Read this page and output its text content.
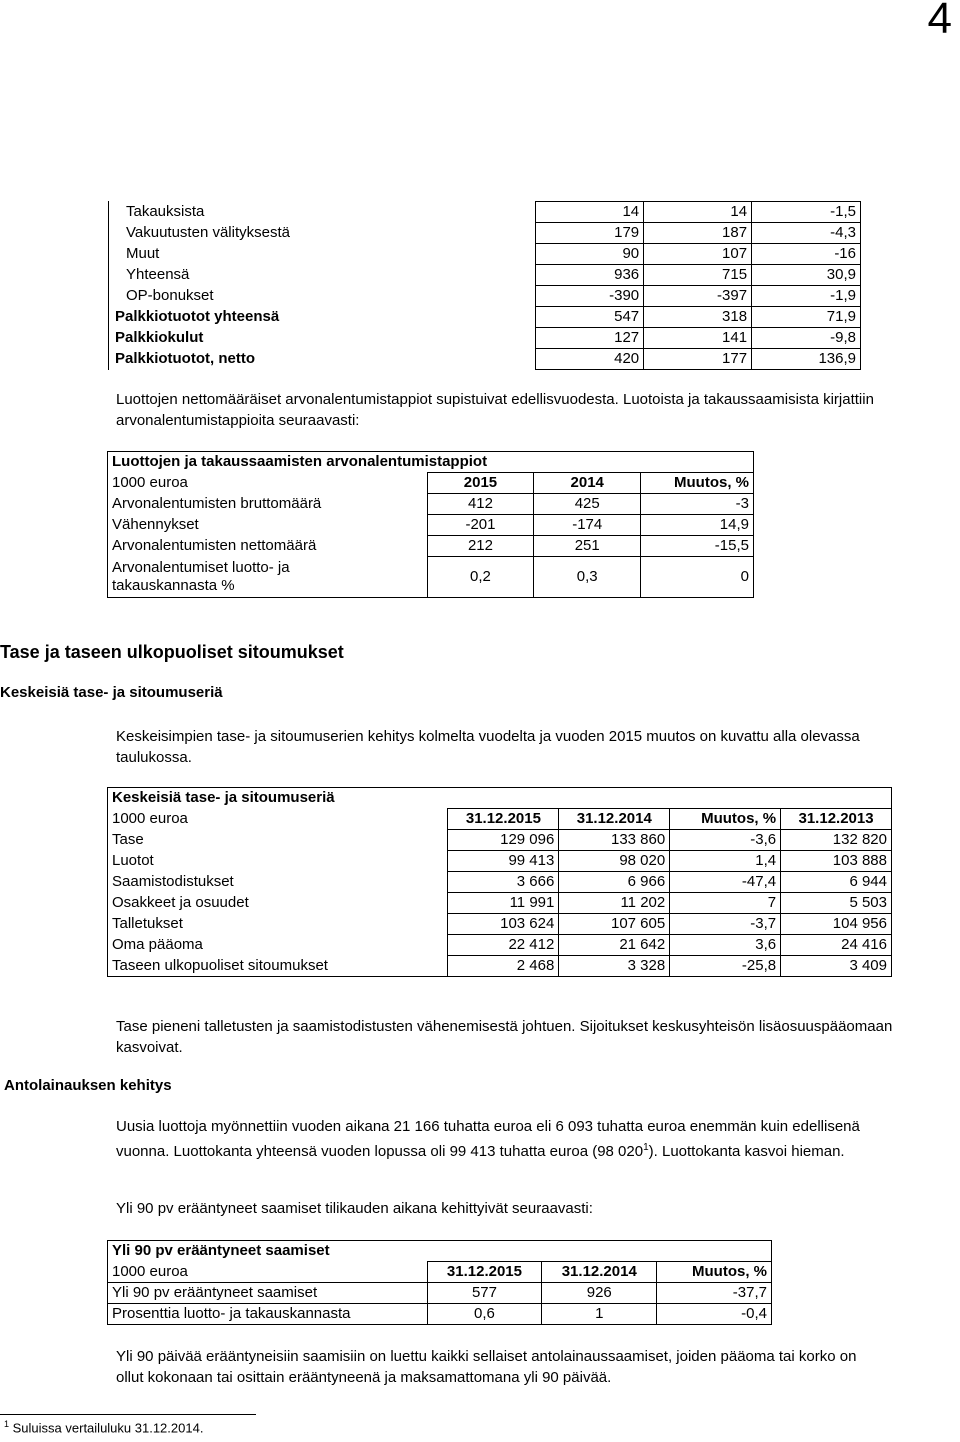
4
Takauksista	14	14	-1,5
Vakuutusten välityksestä	179	187	-4,3
Muut	90	107	-16
Yhteensä	936	715	30,9
OP-bonukset	-390	-397	-1,9
Palkkiotuotot yhteensä	547	318	71,9
Palkkiokulut	127	141	-9,8
Palkkiotuotot, netto	420	177	136,9

Luottojen nettomääräiset arvonalentumistappiot supistuivat edellisvuodesta. Luotoista ja takaussaamisista kirjattiin arvonalentumistappioita seuraavasti:

Luottojen ja takaussaamisten arvonalentumistappiot			
1000 euroa	2015	2014	Muutos, %
Arvonalentumisten bruttomäärä	412	425	-3
Vähennykset	-201	-174	14,9
Arvonalentumisten nettomäärä	212	251	-15,5

Arvonalentumiset luotto- ja
takauskannasta %	0,2	0,3	0
Tase ja taseen ulkopuoliset sitoumukset
Keskeisiä tase- ja sitoumuseriä

Keskeisimpien tase- ja sitoumuserien kehitys kolmelta vuodelta ja vuoden 2015 muutos on kuvattu alla olevassa taulukossa.

Keskeisiä tase- ja sitoumuseriä				
1000 euroa	31.12.2015	31.12.2014	Muutos, %	31.12.2013
Tase	129 096	133 860	-3,6	132 820
Luotot	99 413	98 020	1,4	103 888
Saamistodistukset	3 666	6 966	-47,4	6 944
Osakkeet ja osuudet	11 991	11 202	7	5 503
Talletukset	103 624	107 605	-3,7	104 956
Oma pääoma	22 412	21 642	3,6	24 416
Taseen ulkopuoliset sitoumukset	2 468	3 328	-25,8	3 409

Tase pieneni talletusten ja saamistodistusten vähenemisestä johtuen. Sijoitukset keskusyhteisön lisäosuuspääomaan kasvoivat.

Antolainauksen kehitys

Uusia luottoja myönnettiin vuoden aikana 21 166 tuhatta euroa eli 6 093 tuhatta euroa enemmän kuin edellisenä vuonna. Luottokanta yhteensä vuoden lopussa oli 99 413 tuhatta euroa (98 $020^1$). Luottokanta kasvoi hieman.

Yli 90 pv erääntyneet saamiset tilikauden aikana kehittyivät seuraavasti:

Yli 90 pv erääntyneet saamiset			
1000 euroa	31.12.2015	31.12.2014	Muutos, %
Yli 90 pv erääntyneet saamiset	577	926	-37,7
Prosenttia luotto- ja takauskannasta	0,6	1	-0,4

Yli 90 päivää erääntyneisiin saamisiin on luettu kaikki sellaiset antolainaussaamiset, joiden pääoma tai korko on ollut kokonaan tai osittain erääntyneenä ja maksamattomana yli 90 päivää.

$^1$ Suluissa vertailuluku 31.12.2014.
